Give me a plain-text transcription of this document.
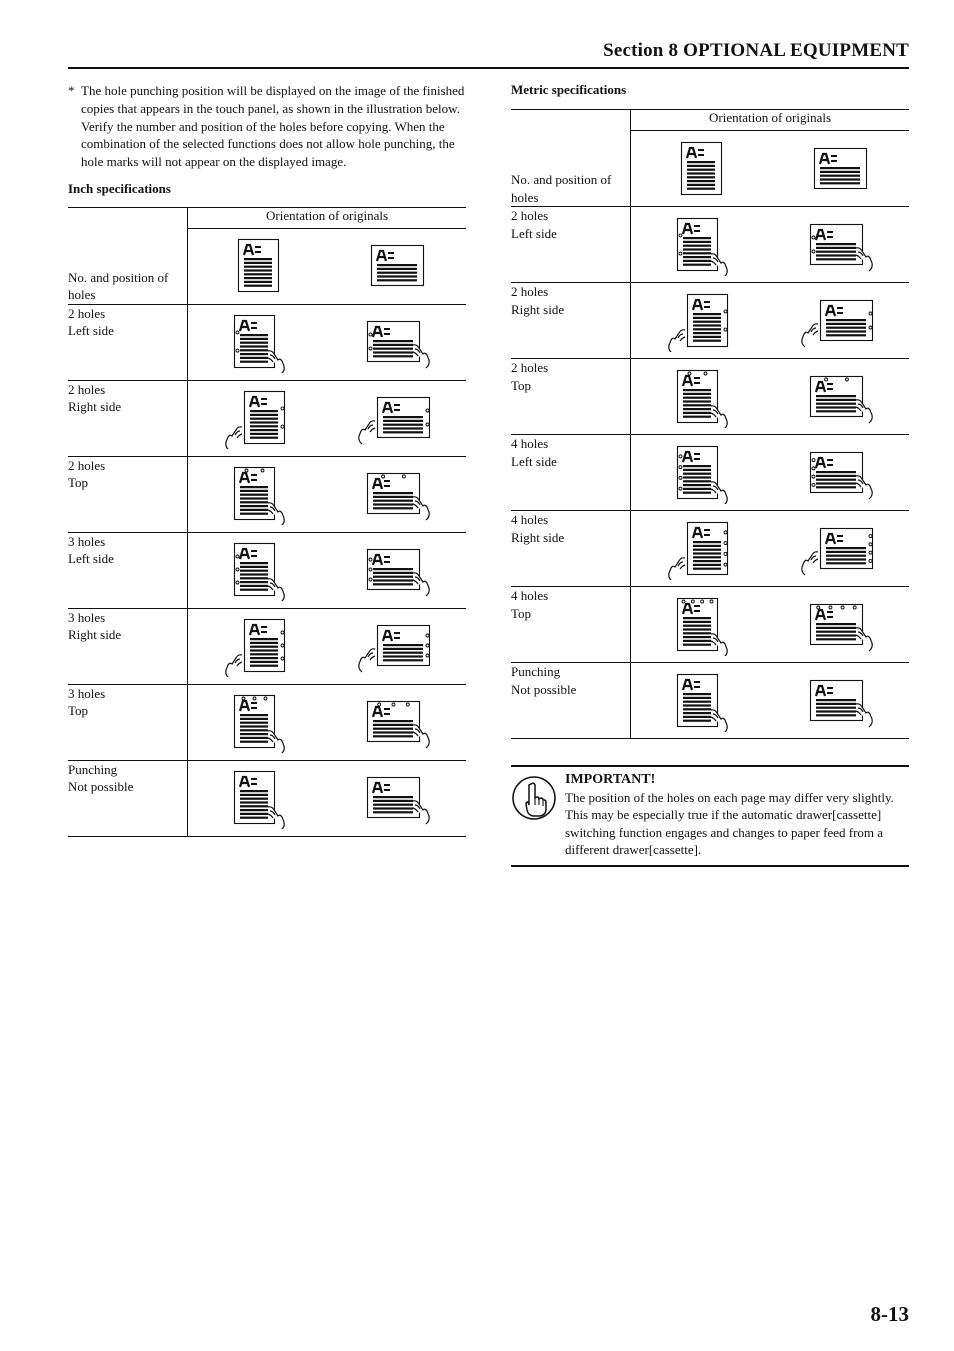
Section 8 OPTIONAL EQUIPMENT
* The hole punching position will be displayed on the image of the finished copies that appears in the touch panel, as shown in the illustration below. Verify the number and position of the holes before copying. When the combination of the selected functions does not allow hole punching, the hole marks will not appear on the displayed image.
Inch specifications
	Orientation of originals
No. and position of holes	

2 holes
Left side

2 holes
Right side

2 holes
Top

3 holes
Left side

3 holes
Right side

3 holes
Top

Punching
Not possible

Metric specifications
	Orientation of originals
No. and position of holes	

2 holes
Left side

2 holes
Right side

2 holes
Top

4 holes
Left side

4 holes
Right side

4 holes
Top

Punching
Not possible

IMPORTANT!
The position of the holes on each page may differ very slightly. This may be especially true if the automatic drawer[cassette] switching function engages and changes to paper feed from a different drawer[cassette].
8-13
